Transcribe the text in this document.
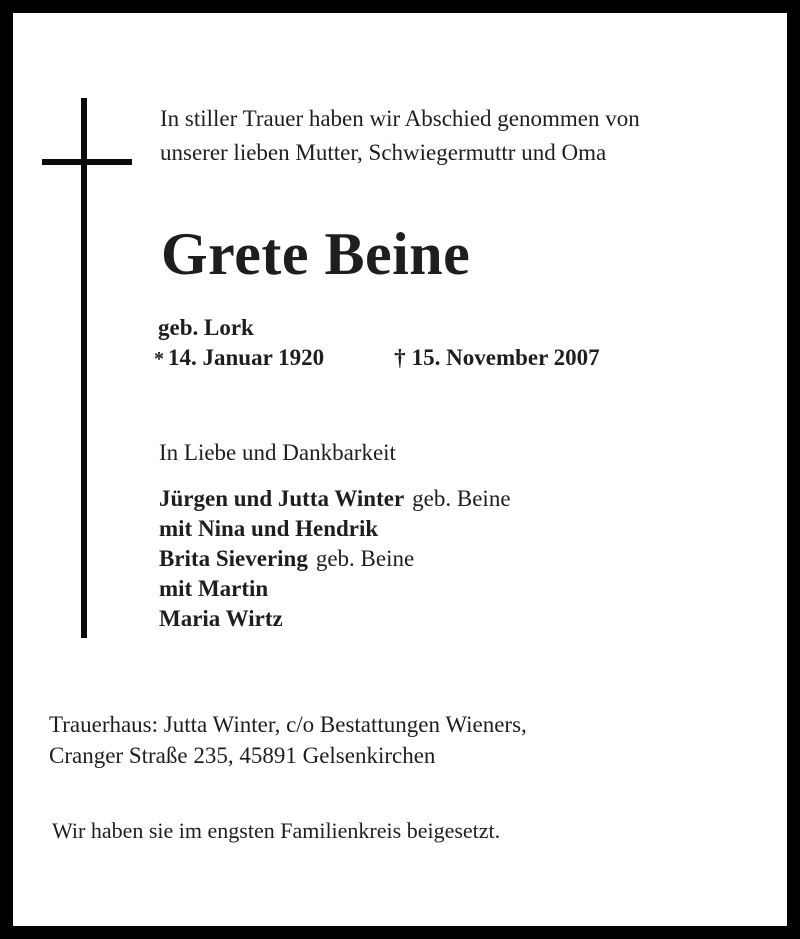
In stiller Trauer haben wir Abschied genommen von
unserer lieben Mutter, Schwiegermuttr und Oma
Grete Beine
geb. Lork
* 14. Januar 1920	† 15. November 2007
In Liebe und Dankbarkeit
Jürgen und Jutta Winter geb. Beine
mit Nina und Hendrik
Brita Sievering geb. Beine
mit Martin
Maria Wirtz
Trauerhaus: Jutta Winter, c/o Bestattungen Wieners,
Cranger Straße 235, 45891 Gelsenkirchen
Wir haben sie im engsten Familienkreis beigesetzt.
